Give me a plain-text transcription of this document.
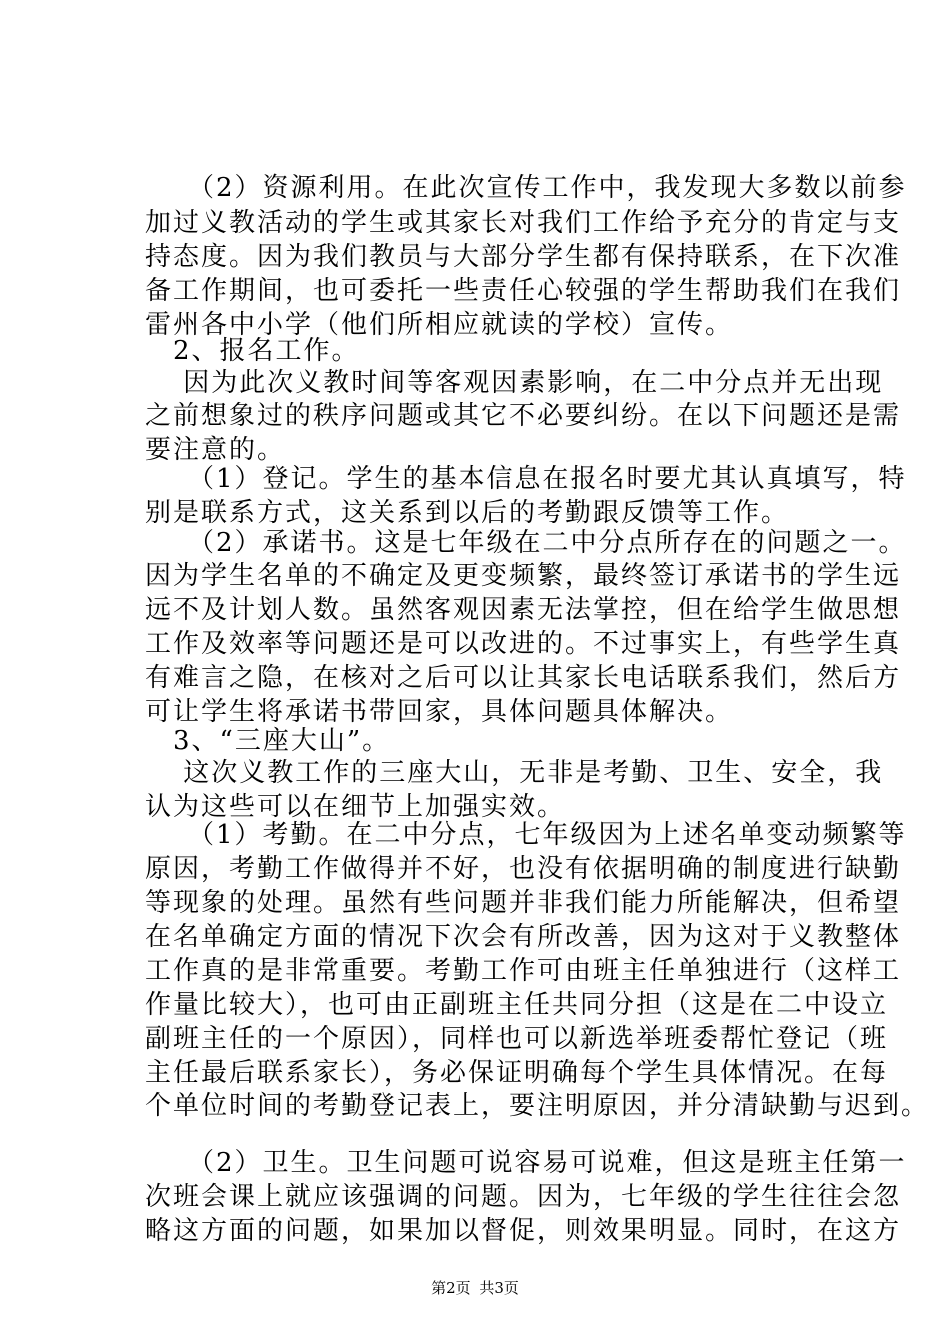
　　（2）资源利用。在此次宣传工作中，我发现大多数以前参
加过义教活动的学生或其家长对我们工作给予充分的肯定与支
持态度。因为我们教员与大部分学生都有保持联系，在下次准
备工作期间，也可委托一些责任心较强的学生帮助我们在我们
雷州各中小学（他们所相应就读的学校）宣传。
　2、报名工作。
　 因为此次义教时间等客观因素影响，在二中分点并无出现
之前想象过的秩序问题或其它不必要纠纷。在以下问题还是需
要注意的。
　　（1）登记。学生的基本信息在报名时要尤其认真填写，特
别是联系方式，这关系到以后的考勤跟反馈等工作。
　　（2）承诺书。这是七年级在二中分点所存在的问题之一。
因为学生名单的不确定及更变频繁，最终签订承诺书的学生远
远不及计划人数。虽然客观因素无法掌控，但在给学生做思想
工作及效率等问题还是可以改进的。不过事实上，有些学生真
有难言之隐，在核对之后可以让其家长电话联系我们，然后方
可让学生将承诺书带回家，具体问题具体解决。
　3、“三座大山”。
　 这次义教工作的三座大山，无非是考勤、卫生、安全，我
认为这些可以在细节上加强实效。
　　（1）考勤。在二中分点，七年级因为上述名单变动频繁等
原因，考勤工作做得并不好，也没有依据明确的制度进行缺勤
等现象的处理。虽然有些问题并非我们能力所能解决，但希望
在名单确定方面的情况下次会有所改善，因为这对于义教整体
工作真的是非常重要。考勤工作可由班主任单独进行（这样工
作量比较大），也可由正副班主任共同分担（这是在二中设立
副班主任的一个原因），同样也可以新选举班委帮忙登记（班
主任最后联系家长），务必保证明确每个学生具体情况。在每
个单位时间的考勤登记表上，要注明原因，并分清缺勤与迟到。
　　（2）卫生。卫生问题可说容易可说难，但这是班主任第一
次班会课上就应该强调的问题。因为，七年级的学生往往会忽
略这方面的问题，如果加以督促，则效果明显。同时，在这方
第2页 共3页
